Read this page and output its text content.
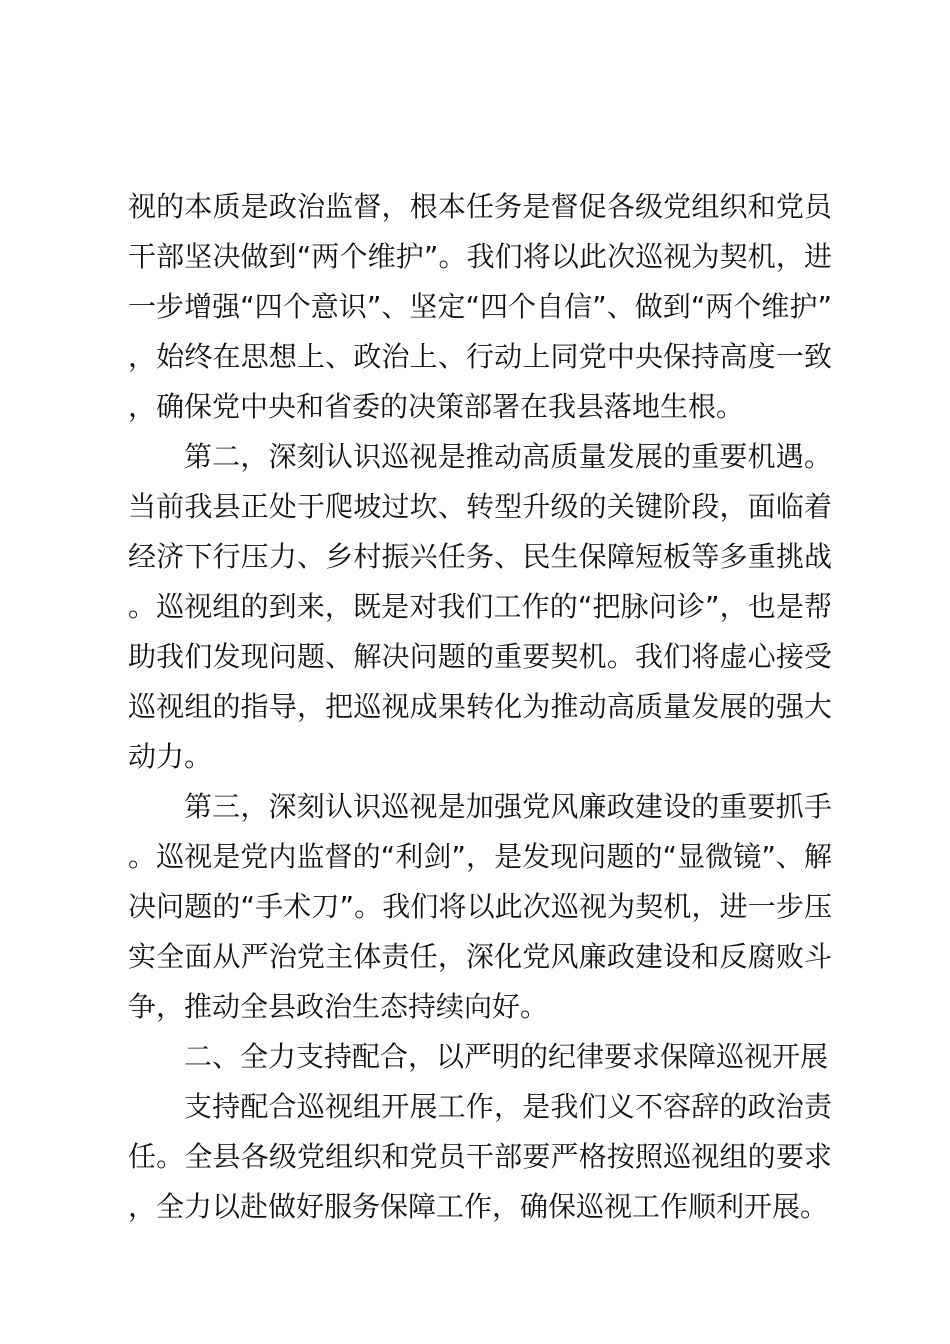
视的本质是政治监督，根本任务是督促各级党组织和党员干部坚决做到“两个维护”。我们将以此次巡视为契机，进一步增强“四个意识”、坚定“四个自信”、做到“两个维护”，始终在思想上、政治上、行动上同党中央保持高度一致，确保党中央和省委的决策部署在我县落地生根。

第二，深刻认识巡视是推动高质量发展的重要机遇。当前我县正处于爬坡过坎、转型升级的关键阶段，面临着经济下行压力、乡村振兴任务、民生保障短板等多重挑战。巡视组的到来，既是对我们工作的“把脉问诊”，也是帮助我们发现问题、解决问题的重要契机。我们将虚心接受巡视组的指导，把巡视成果转化为推动高质量发展的强大动力。

第三，深刻认识巡视是加强党风廉政建设的重要抓手。巡视是党内监督的“利剑”，是发现问题的“显微镜”、解决问题的“手术刀”。我们将以此次巡视为契机，进一步压实全面从严治党主体责任，深化党风廉政建设和反腐败斗争，推动全县政治生态持续向好。

二、全力支持配合，以严明的纪律要求保障巡视开展

支持配合巡视组开展工作，是我们义不容辞的政治责任。全县各级党组织和党员干部要严格按照巡视组的要求，全力以赴做好服务保障工作，确保巡视工作顺利开展。
